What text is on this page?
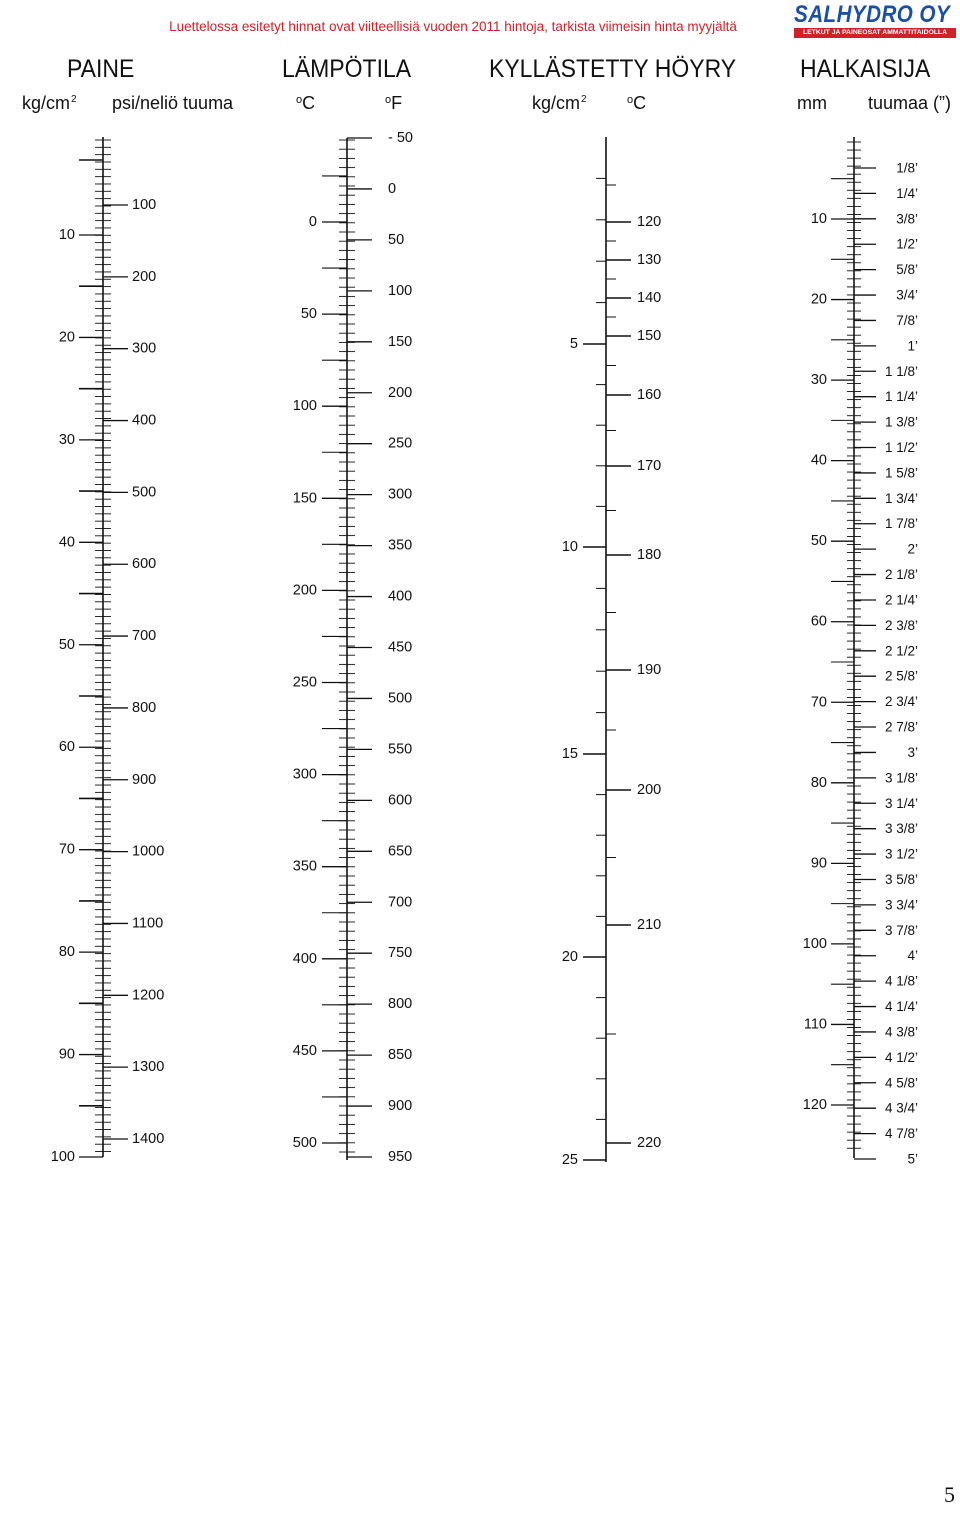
Luettelossa esitetyt hinnat ovat viitteellisiä vuoden 2011 hintoja, tarkista viimeisin hinta myyjältä	SALHYDRO OY
LETKUT JA PAINEOSAT AMMATTITAIDOLLA
PAINE	LÄMPÖTILA	KYLLÄSTETTY HÖYRY	HALKAISIJA
$kg/cm^2$ psi/neliö tuuma	$^o$C	$^o$F	$kg/cm^2$	$^o$C	mm tuumaa (”)
10
20
30
40
50
60
70
80
90
100
100
200
300
400
500
600
700
800
900
1000
1100
1200
1300
1400
0
50
100
150
200
250
300
350
400
450
500
- 50
0
50
100
150
200
250
300
350
400
450
500
550
600
650
700
750
800
850
900
950
5
10
15
20
25
120
130
140
150
160
170
180
190
200
210
220
10
20
30
40
50
60
70
80
90
100
110
120
1/8’
1/4’
3/8’
1/2’
5/8’
3/4’
7/8’
1’
1 1/8’
1 1/4’
1 3/8’
1 1/2’
1 5/8’
1 3/4’
1 7/8’
2’
2 1/8’
2 1/4’
2 3/8’
2 1/2’
2 5/8’
2 3/4’
2 7/8’
3’
3 1/8’
3 1/4’
3 3/8’
3 1/2’
3 5/8’
3 3/4’
3 7/8’
4’
4 1/8’
4 1/4’
4 3/8’
4 1/2’
4 5/8’
4 3/4’
4 7/8’
5’
5
